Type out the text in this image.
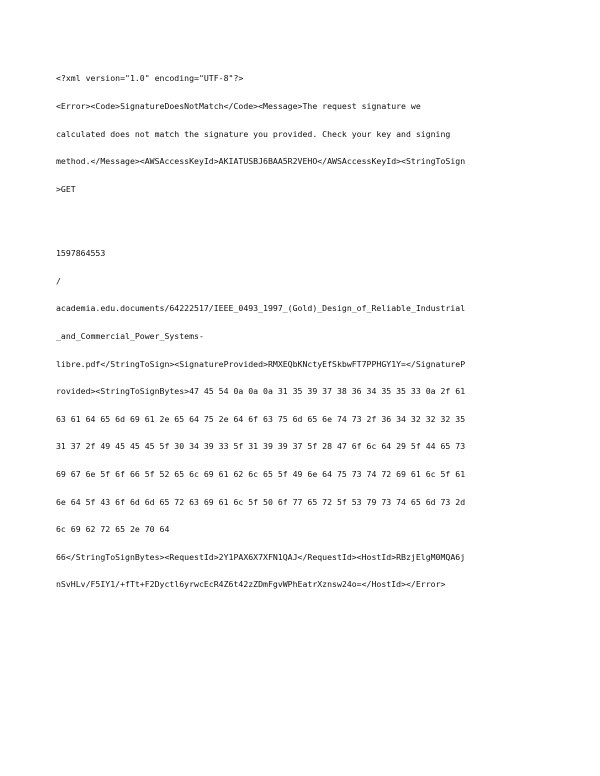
<?xml version="1.0" encoding="UTF-8"?>

<Error><Code>SignatureDoesNotMatch</Code><Message>The request signature we

calculated does not match the signature you provided. Check your key and signing

method.</Message><AWSAccessKeyId>AKIATUSBJ6BAA5R2VEHO</AWSAccessKeyId><StringToSign

>GET

1597864553

/

academia.edu.documents/64222517/IEEE_0493_1997_(Gold)_Design_of_Reliable_Industrial

_and_Commercial_Power_Systems-

libre.pdf</StringToSign><SignatureProvided>RMXEQbKNctyEfSkbwFT7PPHGY1Y=</SignatureP

rovided><StringToSignBytes>47 45 54 0a 0a 0a 31 35 39 37 38 36 34 35 35 33 0a 2f 61

63 61 64 65 6d 69 61 2e 65 64 75 2e 64 6f 63 75 6d 65 6e 74 73 2f 36 34 32 32 32 35

31 37 2f 49 45 45 45 5f 30 34 39 33 5f 31 39 39 37 5f 28 47 6f 6c 64 29 5f 44 65 73

69 67 6e 5f 6f 66 5f 52 65 6c 69 61 62 6c 65 5f 49 6e 64 75 73 74 72 69 61 6c 5f 61

6e 64 5f 43 6f 6d 6d 65 72 63 69 61 6c 5f 50 6f 77 65 72 5f 53 79 73 74 65 6d 73 2d

6c 69 62 72 65 2e 70 64

66</StringToSignBytes><RequestId>2Y1PAX6X7XFN1QAJ</RequestId><HostId>RBzjElgM0MQA6j

nSvHLv/F5IY1/+fTt+F2Dyctl6yrwcEcR4Z6t42zZDmFgvWPhEatrXznsw24o=</HostId></Error>
